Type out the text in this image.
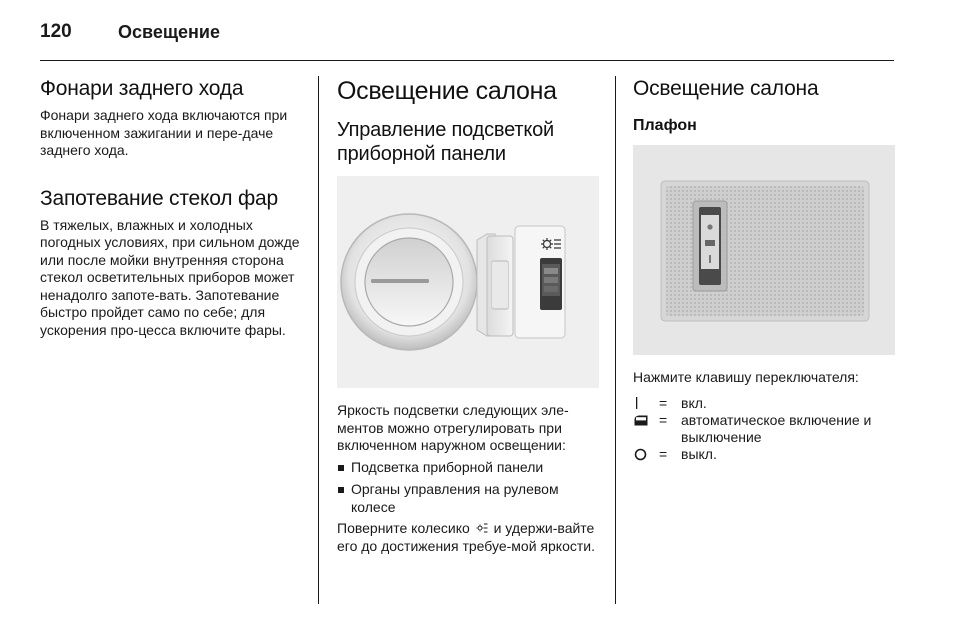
120	Освещение
Фонари заднего хода

Фонари заднего хода включаются при включенном зажигании и пере-даче заднего хода.

Запотевание стекол фар

В тяжелых, влажных и холодных погодных условиях, при сильном дожде или после мойки внутренняя сторона стекол осветительных приборов может ненадолго запоте-вать. Запотевание быстро пройдет само по себе; для ускорения про-цесса включите фары.

Освещение салона
Управление подсветкой приборной панели

Яркость подсветки следующих эле-ментов можно отрегулировать при включенном наружном освещении:

Подсветка приборной панели
Органы управления на рулевом колесе

Поверните колесико и удержи-вайте его до достижения требуе-мой яркости.

Освещение салона
Плафон

Нажмите клавишу переключателя:

= вкл.
= автоматическое включение и выключение
= выкл.
